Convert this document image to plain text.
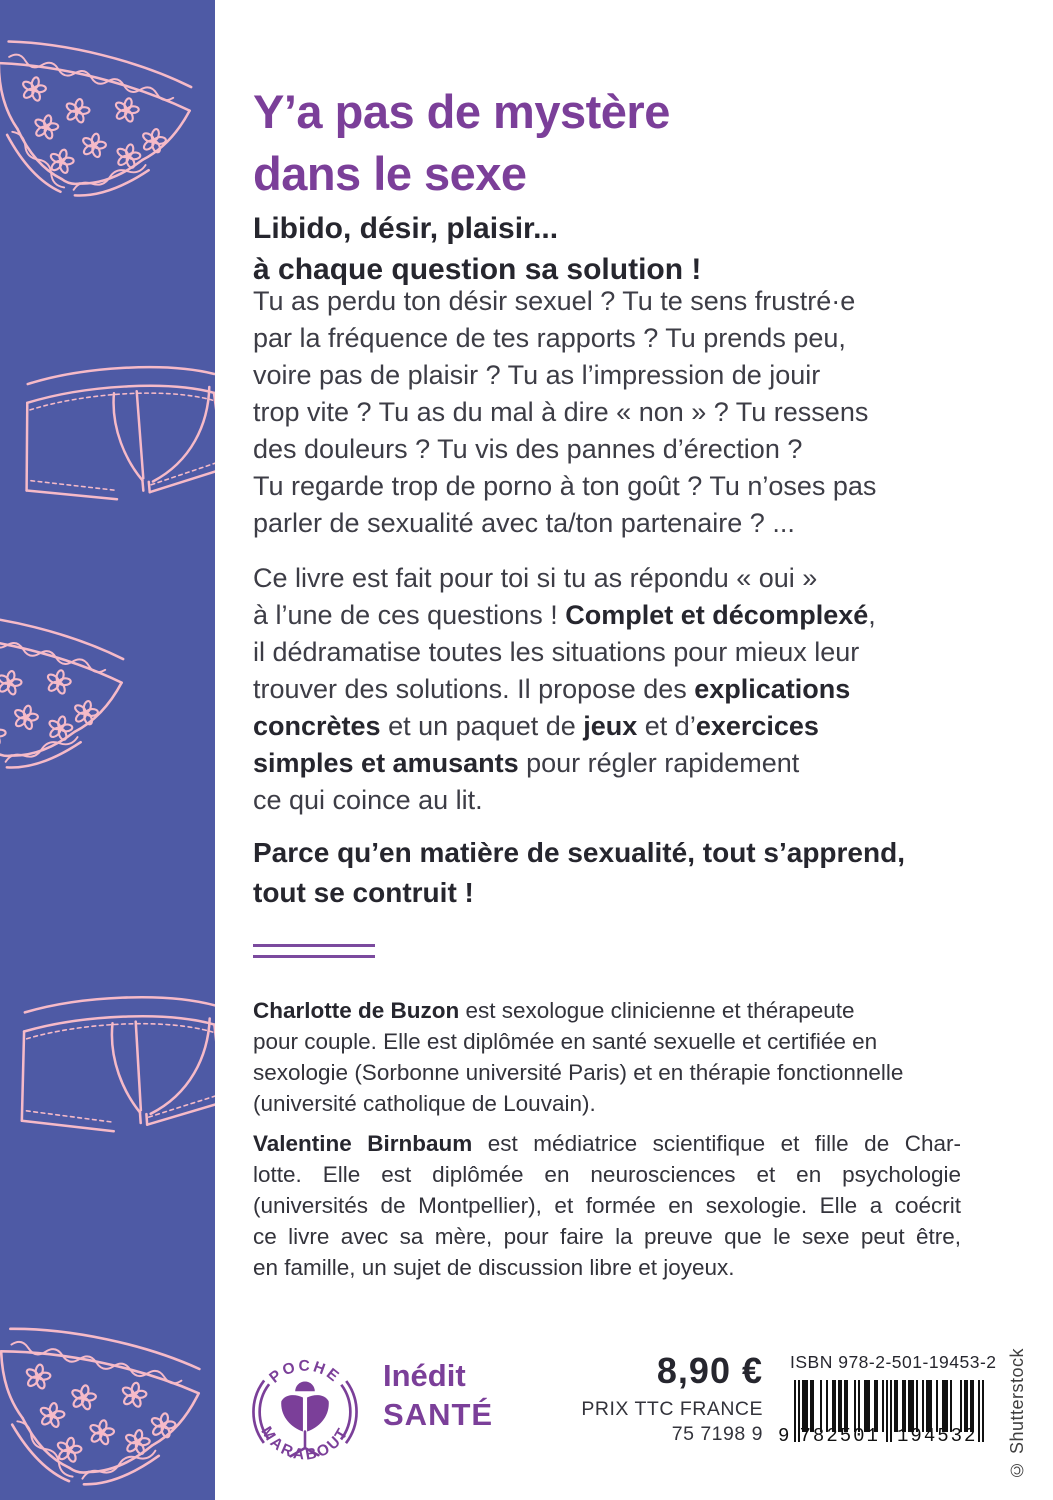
Y’a pas de mystère
dans le sexe
Libido, désir, plaisir...
à chaque question sa solution !
Tu as perdu ton désir sexuel ? Tu te sens frustré·e
par la fréquence de tes rapports ? Tu prends peu,
voire pas de plaisir ? Tu as l’impression de jouir
trop vite ? Tu as du mal à dire « non » ? Tu ressens
des douleurs ? Tu vis des pannes d’érection ?
Tu regarde trop de porno à ton goût ? Tu n’oses pas
parler de sexualité avec ta/ton partenaire ? ...
Ce livre est fait pour toi si tu as répondu « oui »
à l’une de ces questions ! Complet et décomplexé,
il dédramatise toutes les situations pour mieux leur
trouver des solutions. Il propose des explications
concrètes et un paquet de jeux et d’exercices
simples et amusants pour régler rapidement
ce qui coince au lit.
Parce qu’en matière de sexualité, tout s’apprend,
tout se contruit !
Charlotte de Buzon est sexologue clinicienne et thérapeute
pour couple. Elle est diplômée en santé sexuelle et certifiée en
sexologie (Sorbonne université Paris) et en thérapie fonctionnelle
(université catholique de Louvain).
Valentine Birnbaum est médiatrice scientifique et fille de Char-
lotte. Elle est diplômée en neurosciences et en psychologie
(universités de Montpellier), et formée en sexologie. Elle a coécrit
ce livre avec sa mère, pour faire la preuve que le sexe peut être,
en famille, un sujet de discussion libre et joyeux.
POCHE
MARABOUT
Inédit
SANTÉ
8,90 €
PRIX TTC FRANCE
75 7198 9
ISBN 978-2-501-19453-2
9 782501 194532	© Shutterstock
